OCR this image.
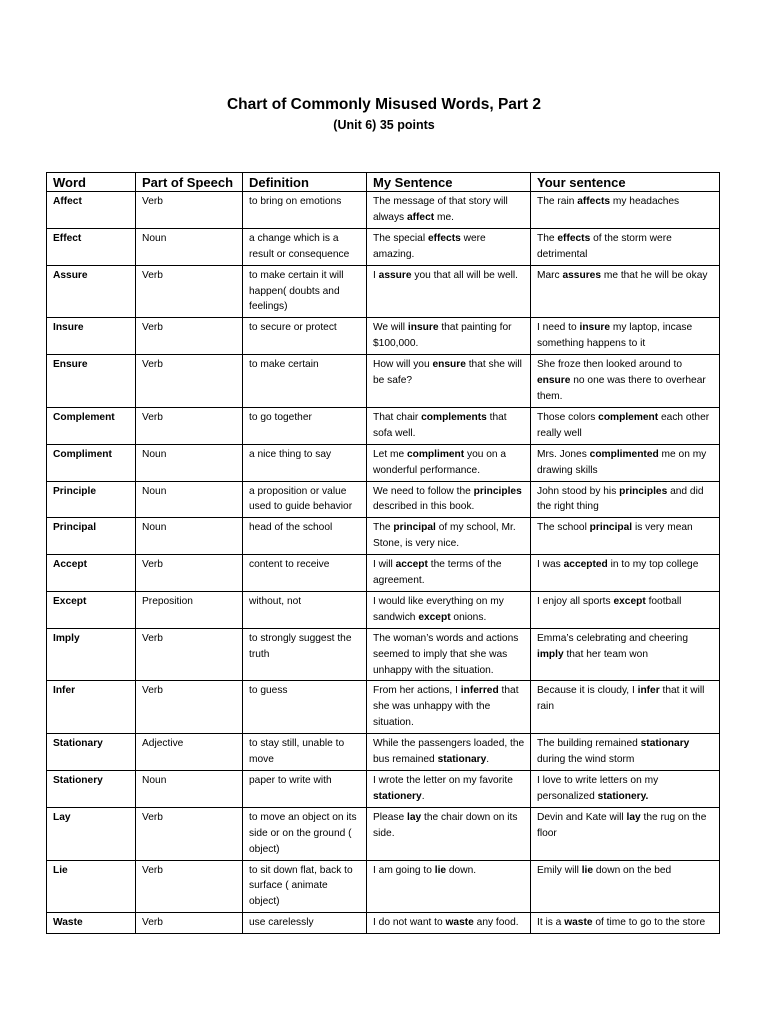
Chart of Commonly Misused Words, Part 2
(Unit 6) 35 points
Word	Part of Speech	Definition	My Sentence	Your sentence
Affect	Verb	to bring on emotions	The message of that story will always affect me.	The rain affects my headaches
Effect	Noun	a change which is a result or consequence	The special effects were amazing.	The effects of the storm were detrimental
Assure	Verb	to make certain it will happen( doubts and feelings)	I assure you that all will be well.	Marc assures me that he will be okay
Insure	Verb	to secure or protect	We will insure that painting for $100,000.	I need to insure my laptop, incase something happens to it
Ensure	Verb	to make certain	How will you ensure that she will be safe?	She froze then looked around to ensure no one was there to overhear them.
Complement	Verb	to go together	That chair complements that sofa well.	Those colors complement each other really well
Compliment	Noun	a nice thing to say	Let me compliment you on a wonderful performance.	Mrs. Jones complimented me on my drawing skills
Principle	Noun	a proposition or value used to guide behavior	We need to follow the principles described in this book.	John stood by his principles and did the right thing
Principal	Noun	head of the school	The principal of my school, Mr. Stone, is very nice.	The school principal is very mean
Accept	Verb	content to receive	I will accept the terms of the agreement.	I was accepted in to my top college
Except	Preposition	without, not	I would like everything on my sandwich except onions.	I enjoy all sports except football
Imply	Verb	to strongly suggest the truth	The woman’s words and actions seemed to imply that she was unhappy with the situation.	Emma’s celebrating and cheering imply that her team won
Infer	Verb	to guess	From her actions, I inferred that she was unhappy with the situation.	Because it is cloudy, I infer that it will rain
Stationary	Adjective	to stay still, unable to move	While the passengers loaded, the bus remained stationary.	The building remained stationary during the wind storm
Stationery	Noun	paper to write with	I wrote the letter on my favorite stationery.	I love to write letters on my personalized stationery.
Lay	Verb	to move an object on its side or on the ground ( object)	Please lay the chair down on its side.	Devin and Kate will lay the rug on the floor
Lie	Verb	to sit down flat, back to surface ( animate object)	I am going to lie down.	Emily will lie down on the bed
Waste	Verb	use carelessly	I do not want to waste any food.	It is a waste of time to go to the store
